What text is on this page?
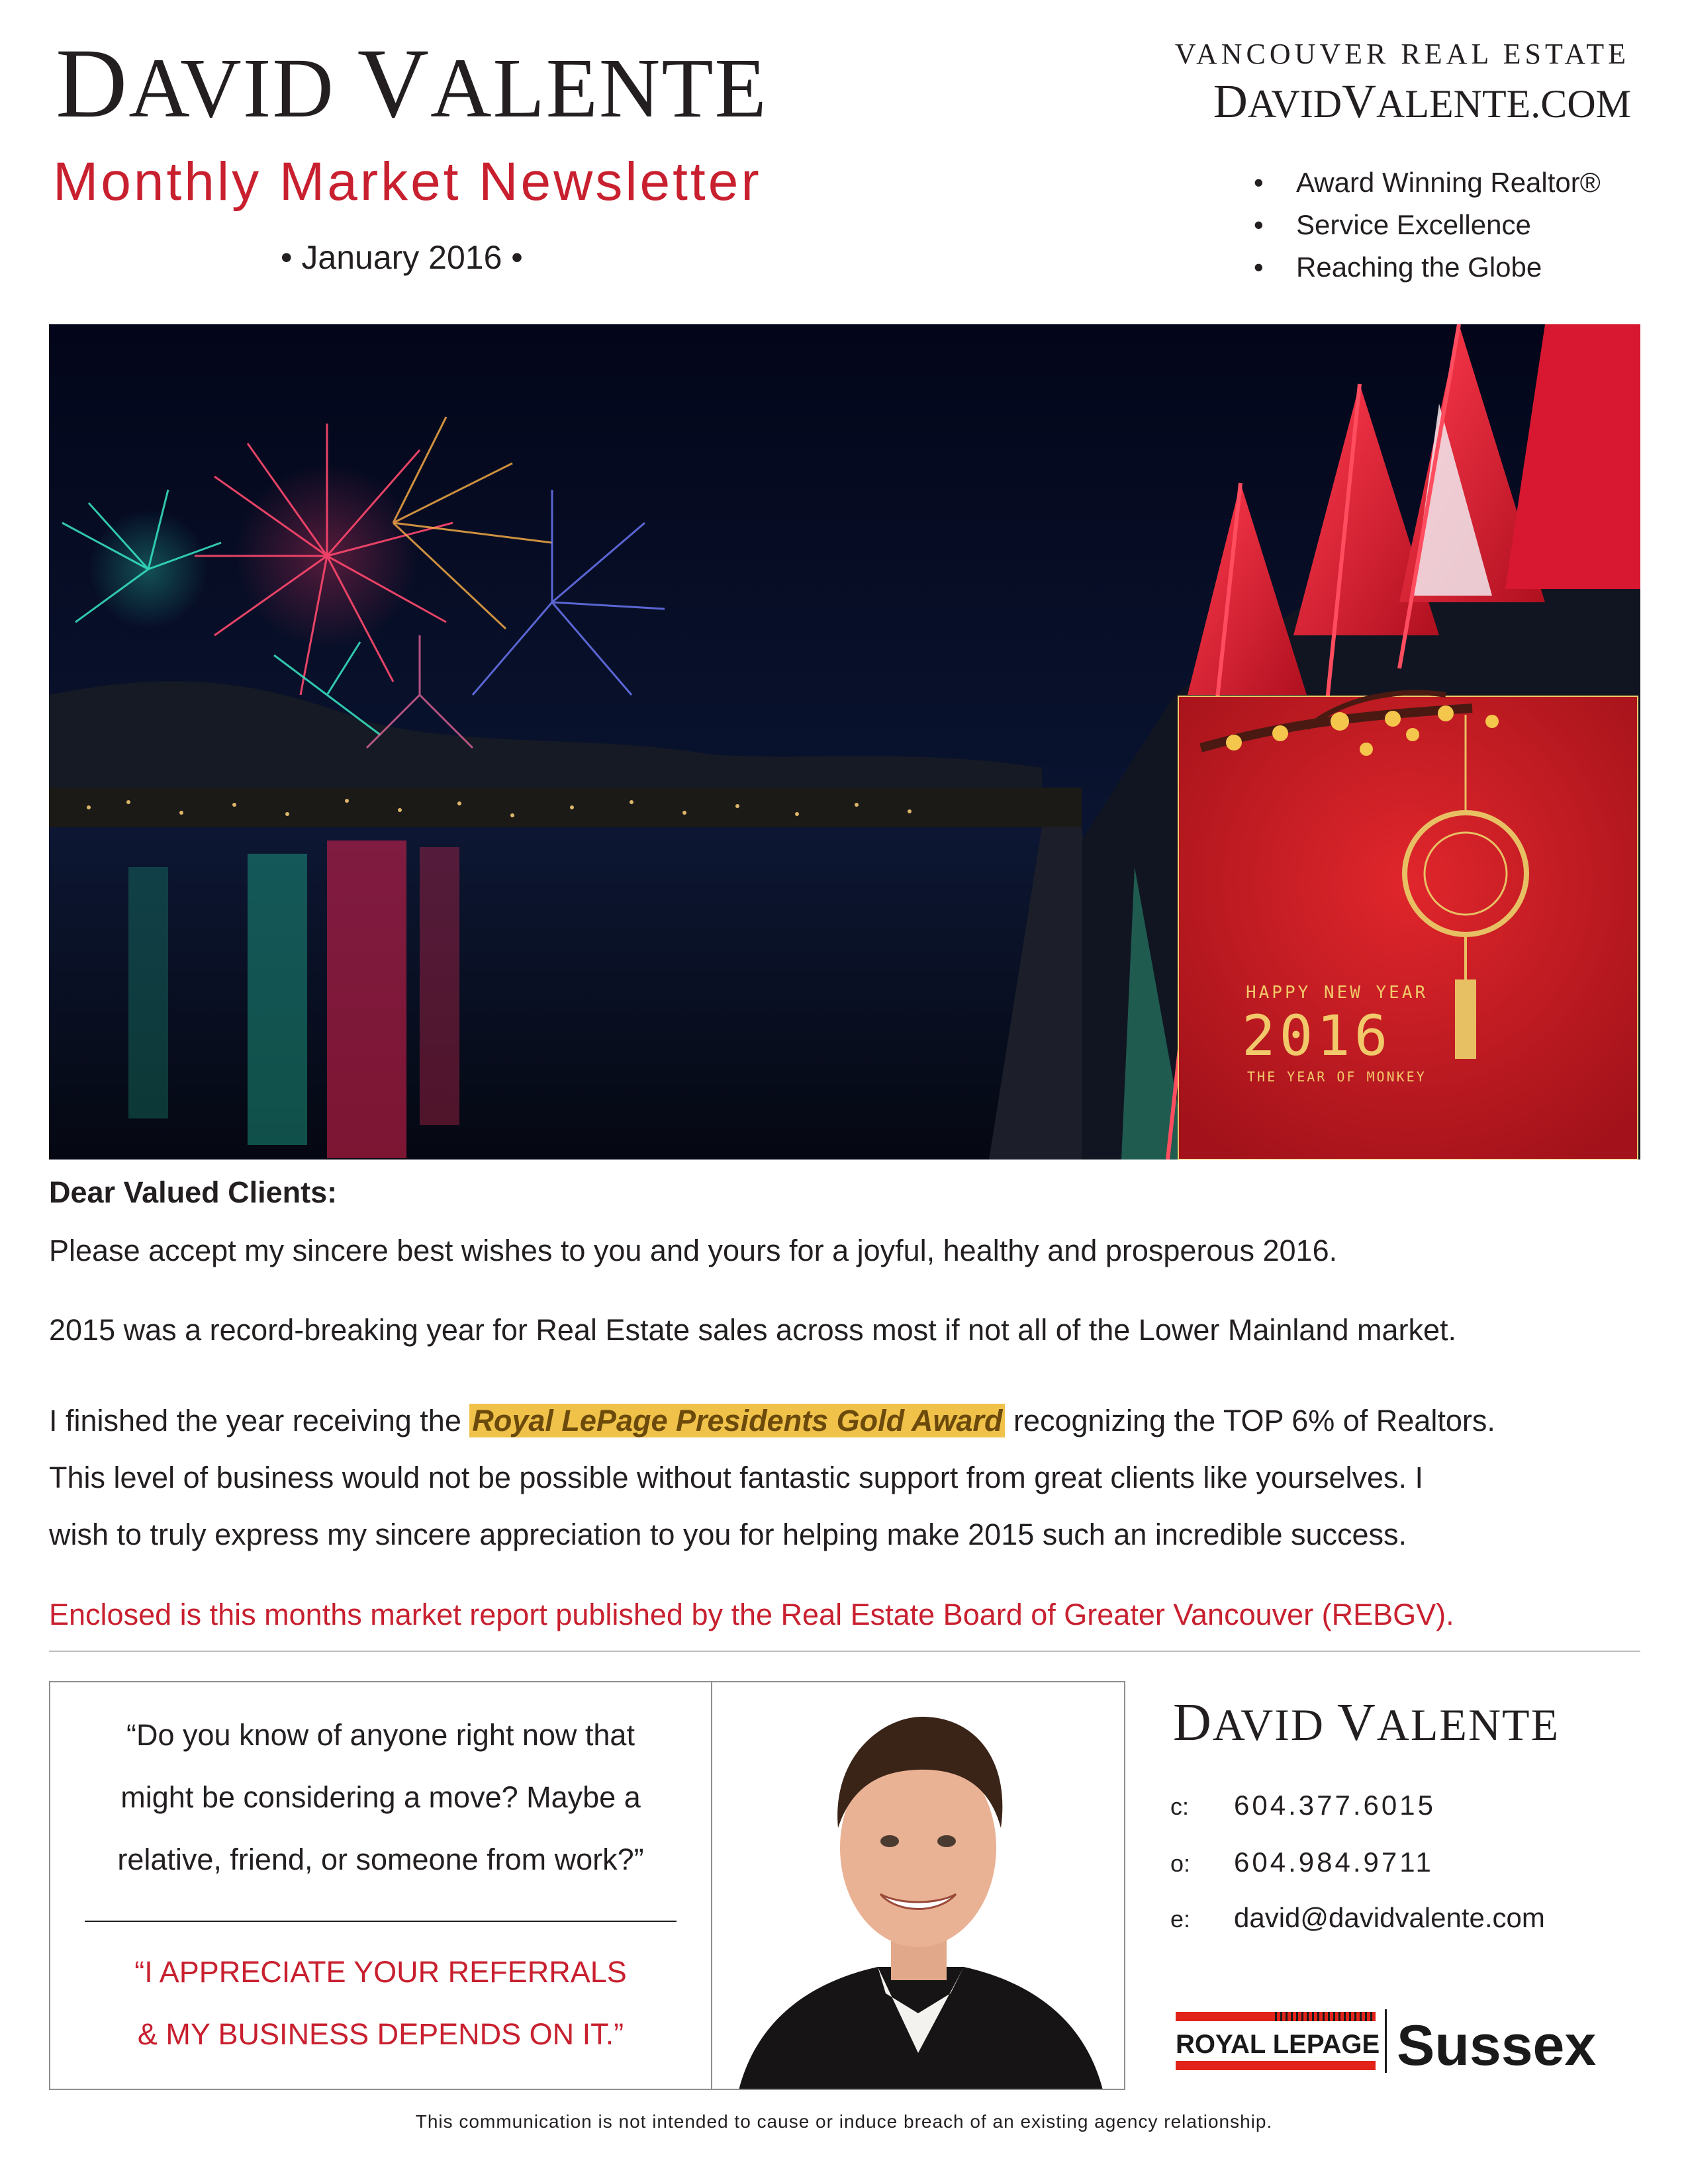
DAVID VALENTE
Monthly Market Newsletter
• January 2016 •
VANCOUVER REAL ESTATE
DAVIDVALENTE.COM
• Award Winning Realtor®
• Service Excellence
• Reaching the Globe
HAPPY NEW YEAR
2016
THE YEAR OF MONKEY
Dear Valued Clients:
Please accept my sincere best wishes to you and yours for a joyful, healthy and prosperous 2016.
2015 was a record-breaking year for Real Estate sales across most if not all of the Lower Mainland market.
I finished the year receiving the Royal LePage Presidents Gold Award recognizing the TOP 6% of Realtors.
This level of business would not be possible without fantastic support from great clients like yourselves. I
wish to truly express my sincere appreciation to you for helping make 2015 such an incredible success.
Enclosed is this months market report published by the Real Estate Board of Greater Vancouver (REBGV).
“Do you know of anyone right now that
might be considering a move? Maybe a
relative, friend, or someone from work?”
“I APPRECIATE YOUR REFERRALS
& MY BUSINESS DEPENDS ON IT.”
DAVID VALENTE
c: 604.377.6015
o: 604.984.9711
e: david@davidvalente.com
ROYAL LEPAGE Sussex
This communication is not intended to cause or induce breach of an existing agency relationship.
